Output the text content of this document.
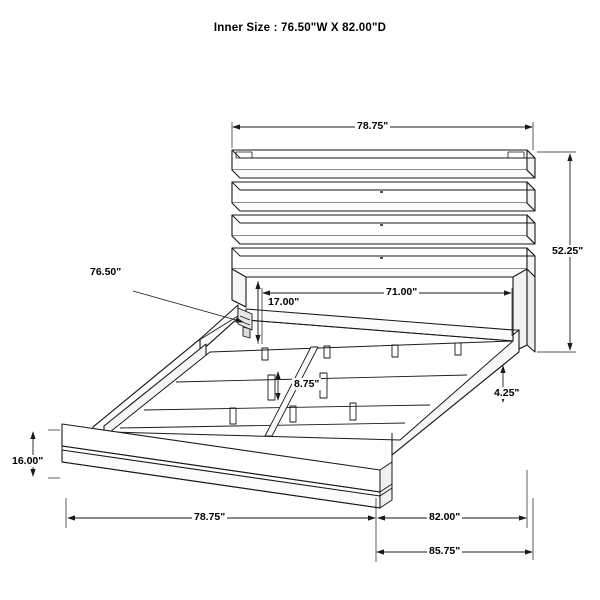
Inner Size : 76.50"W X 82.00"D
78.75"
52.25"
76.50"
71.00"
17.00"
8.75"
4.25"
16.00"
78.75"	82.00"
85.75"
